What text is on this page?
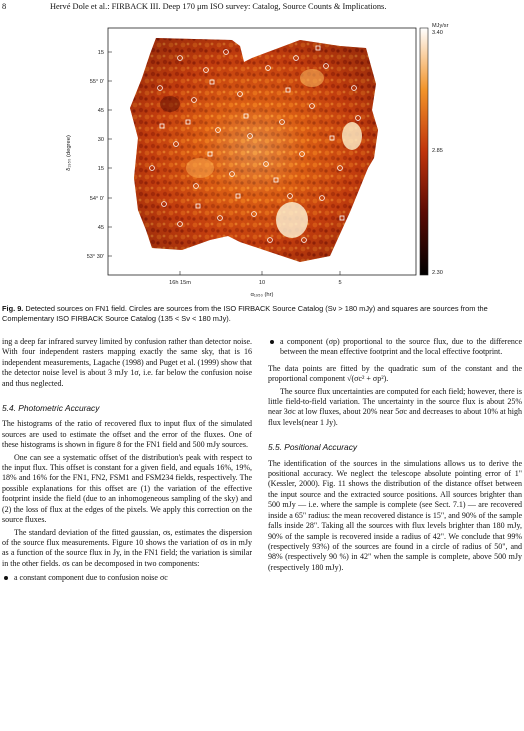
8	Hervé Dole et al.: FIRBACK III. Deep 170 μm ISO survey: Catalog, Source Counts & Implications.
15
55° 0'
45
30
15
54° 0'
45
53° 30'
δ₁₉₅₀ (degree)
16h 15m	10	5
α₁₉₅₀ (hr)
MJy/sr
3.40
2.85
2.30
Fig. 9. Detected sources on FN1 field. Circles are sources from the ISO FIRBACK Source Catalog (Sν > 180 mJy) and squares are sources from the Complementary ISO FIRBACK Source Catalog (135 < Sν < 180 mJy).

ing a deep far infrared survey limited by confusion rather than detector noise. With four independent rasters mapping exactly the same sky, that is 16 independent measurements, Lagache (1998) and Puget et al. (1999) show that the detector noise level is about 3 mJy 1σ, i.e. far below the confusion noise and thus neglected.

5.4. Photometric Accuracy

The histograms of the ratio of recovered flux to input flux of the simulated sources are used to estimate the offset and the error of the fluxes. One of these histograms is shown in figure 8 for the FN1 field and 500 mJy sources.

One can see a systematic offset of the distribution's peak with respect to the input flux. This offset is constant for a given field, and equals 16%, 19%, 18% and 16% for the FN1, FN2, FSM1 and FSM234 fields, respectively. The possible explanations for this offset are (1) the variation of the effective footprint inside the field (due to an inhomogeneous sampling of the sky) and (2) the loss of flux at the edges of the pixels. We apply this correction on the source fluxes.

The standard deviation of the fitted gaussian, σs, estimates the dispersion of the source flux measurements. Figure 10 shows the variation of σs in mJy as a function of the source flux in Jy, in the FN1 field; the variation is similar in the other fields. σs can be decomposed in two components:

a constant component due to confusion noise σc

a component (σp) proportional to the source flux, due to the difference between the mean effective footprint and the local effective footprint.

The data points are fitted by the quadratic sum of the constant and the proportional component √(σc² + σp²).

The source flux uncertainties are computed for each field; however, there is little field-to-field variation. The uncertainty in the source flux is about 25% near 3σc at low fluxes, about 20% near 5σc and decreases to about 10% at high flux levels(near 1 Jy).

5.5. Positional Accuracy

The identification of the sources in the simulations allows us to derive the positional accuracy. We neglect the telescope absolute pointing error of 1" (Kessler, 2000). Fig. 11 shows the distribution of the distance offset between the input source and the extracted source positions. All sources brighter than 500 mJy — i.e. where the sample is complete (see Sect. 7.1) — are recovered inside a 65" radius: the mean recovered distance is 15", and 90% of the sample falls inside 28". Taking all the sources with flux levels brighter than 180 mJy, 90% of the sample is recovered inside a radius of 42". We conclude that 99% (respectively 93%) of the sources are found in a circle of radius of 50", and 98% (respectively 90 %) in 42" when the sample is complete, above 500 mJy (respectively 180 mJy).
